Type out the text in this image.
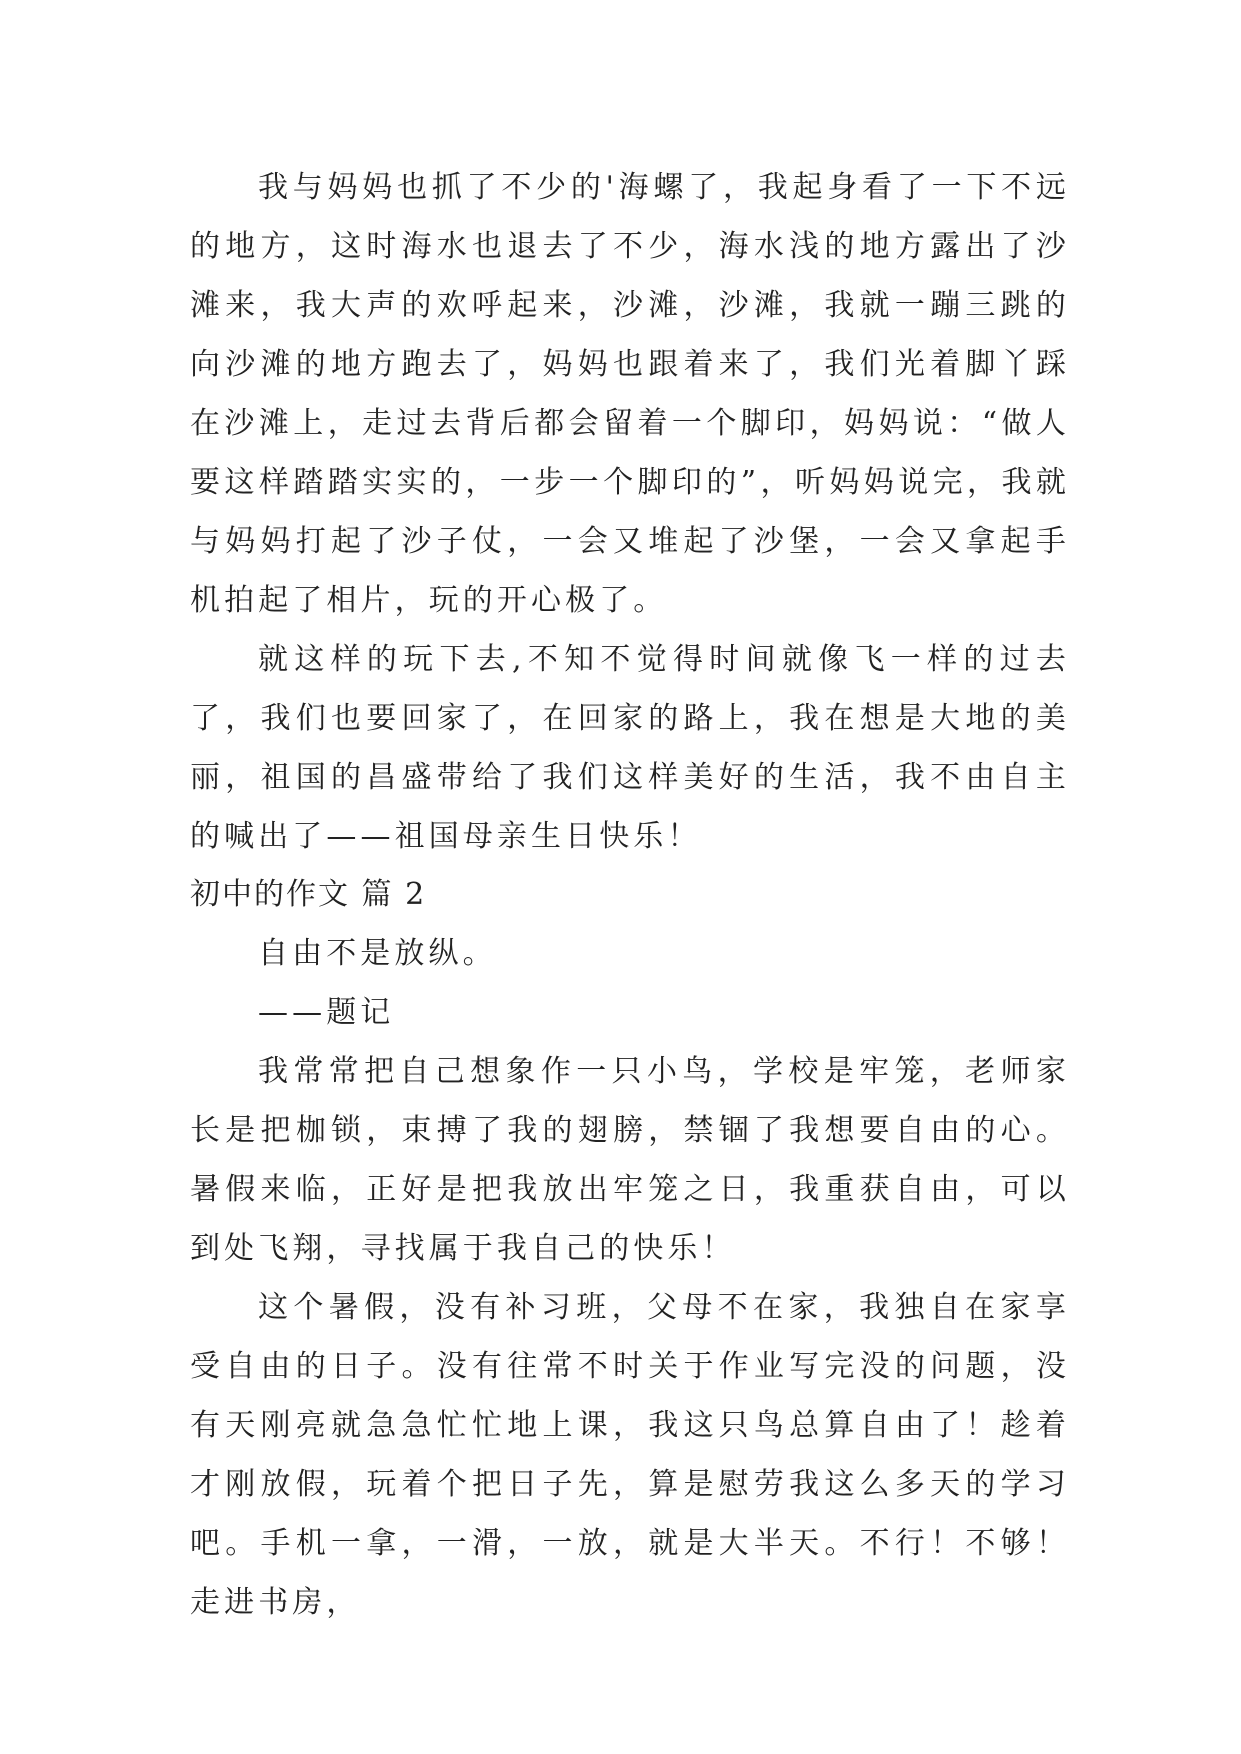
我与妈妈也抓了不少的'海螺了，我起身看了一下不远的地方，这时海水也退去了不少，海水浅的地方露出了沙滩来，我大声的欢呼起来，沙滩，沙滩，我就一蹦三跳的向沙滩的地方跑去了，妈妈也跟着来了，我们光着脚丫踩在沙滩上，走过去背后都会留着一个脚印，妈妈说：“做人要这样踏踏实实的，一步一个脚印的”，听妈妈说完，我就与妈妈打起了沙子仗，一会又堆起了沙堡，一会又拿起手机拍起了相片，玩的开心极了。

就这样的玩下去,不知不觉得时间就像飞一样的过去了，我们也要回家了，在回家的路上，我在想是大地的美丽，祖国的昌盛带给了我们这样美好的生活，我不由自主的喊出了——祖国母亲生日快乐！

初中的作文 篇 2

自由不是放纵。

——题记

我常常把自己想象作一只小鸟，学校是牢笼，老师家长是把枷锁，束搏了我的翅膀，禁锢了我想要自由的心。暑假来临，正好是把我放出牢笼之日，我重获自由，可以到处飞翔，寻找属于我自己的快乐！

这个暑假，没有补习班，父母不在家，我独自在家享受自由的日子。没有往常不时关于作业写完没的问题，没有天刚亮就急急忙忙地上课，我这只鸟总算自由了！趁着才刚放假，玩着个把日子先，算是慰劳我这么多天的学习吧。手机一拿，一滑，一放，就是大半天。不行！不够！走进书房，
